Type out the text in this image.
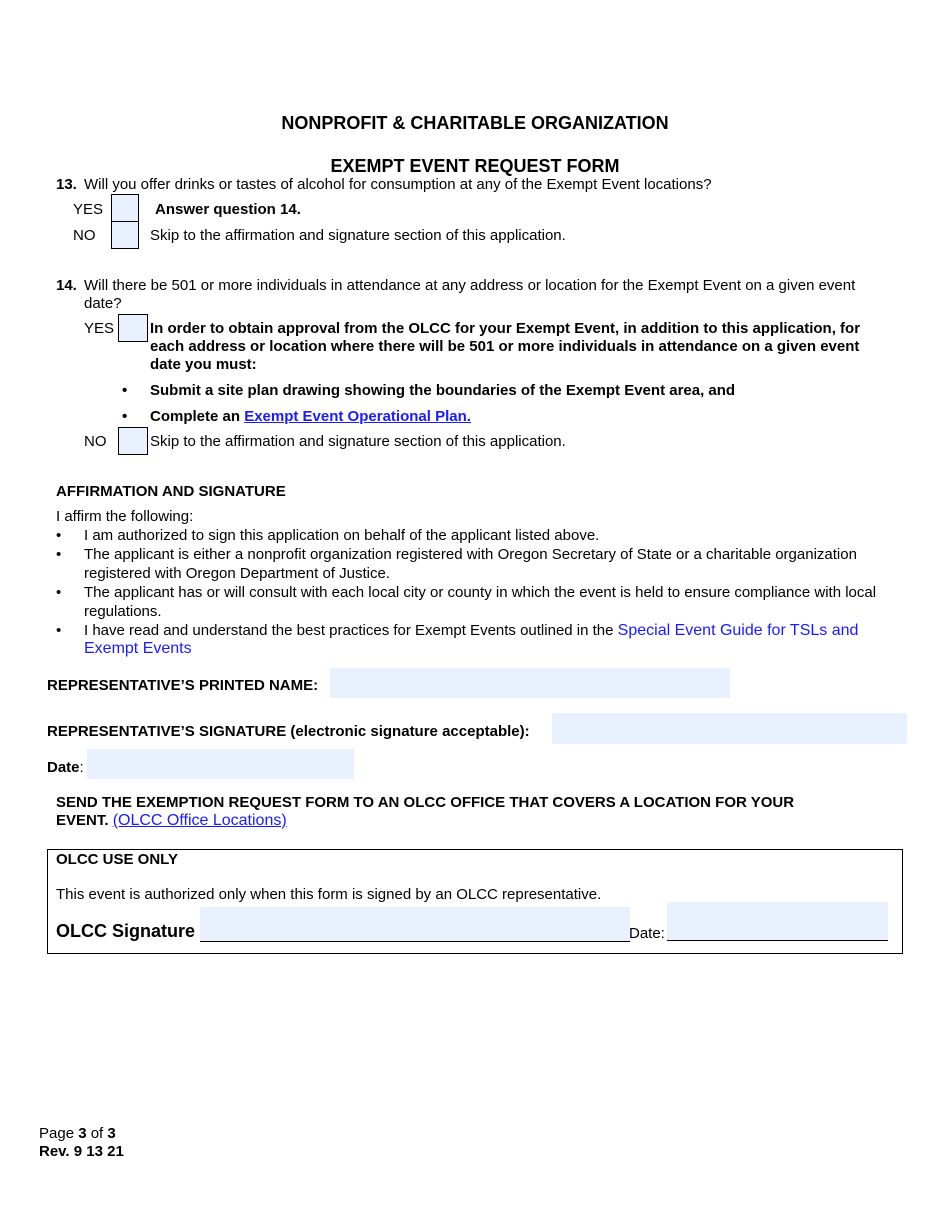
NONPROFIT & CHARITABLE ORGANIZATION
EXEMPT EVENT REQUEST FORM
13. Will you offer drinks or tastes of alcohol for consumption at any of the Exempt Event locations?
YES	Answer question 14.
NO	Skip to the affirmation and signature section of this application.
14. Will there be 501 or more individuals in attendance at any address or location for the Exempt Event on a given event
date?
YES In order to obtain approval from the OLCC for your Exempt Event, in addition to this application, for
each address or location where there will be 501 or more individuals in attendance on a given event
date you must:
• Submit a site plan drawing showing the boundaries of the Exempt Event area, and
• Complete an Exempt Event Operational Plan.
NO	Skip to the affirmation and signature section of this application.
AFFIRMATION AND SIGNATURE
I affirm the following:
• I am authorized to sign this application on behalf of the applicant listed above.
• The applicant is either a nonprofit organization registered with Oregon Secretary of State or a charitable organization
registered with Oregon Department of Justice.
• The applicant has or will consult with each local city or county in which the event is held to ensure compliance with local
regulations.
• I have read and understand the best practices for Exempt Events outlined in the Special Event Guide for TSLs and
Exempt Events
REPRESENTATIVE’S PRINTED NAME:
REPRESENTATIVE’S SIGNATURE (electronic signature acceptable):
Date:
SEND THE EXEMPTION REQUEST FORM TO AN OLCC OFFICE THAT COVERS A LOCATION FOR YOUR
EVENT. (OLCC Office Locations)
OLCC USE ONLY
This event is authorized only when this form is signed by an OLCC representative.
OLCC Signature	Date:
Page 3 of 3
Rev. 9 13 21
